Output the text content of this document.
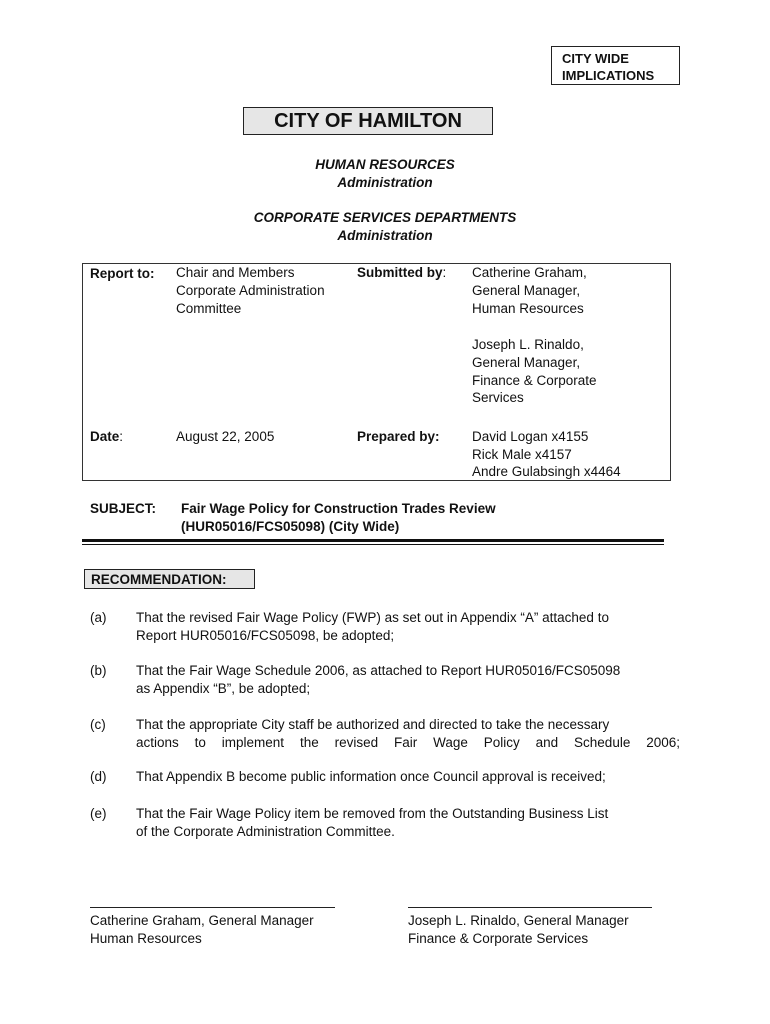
CITY WIDE
IMPLICATIONS
CITY OF HAMILTON
HUMAN RESOURCES
Administration
CORPORATE SERVICES DEPARTMENTS
Administration
Report to: Chair and Members
Corporate Administration
Committee
Submitted by: Catherine Graham,
General Manager,
Human Resources
Joseph L. Rinaldo,
General Manager,
Finance & Corporate
Services
Date:	August 22, 2005	Prepared by: David Logan x4155
Rick Male x4157
Andre Gulabsingh x4464
SUBJECT: Fair Wage Policy for Construction Trades Review
(HUR05016/FCS05098) (City Wide)
RECOMMENDATION:
(a) That the revised Fair Wage Policy (FWP) as set out in Appendix “A” attached to
Report HUR05016/FCS05098, be adopted;
(b) That the Fair Wage Schedule 2006, as attached to Report HUR05016/FCS05098
as Appendix “B”, be adopted;
(c) That the appropriate City staff be authorized and directed to take the necessary
actions to implement the revised Fair Wage Policy and Schedule 2006;
(d) That Appendix B become public information once Council approval is received;
(e) That the Fair Wage Policy item be removed from the Outstanding Business List
of the Corporate Administration Committee.
Catherine Graham, General Manager
Human Resources
Joseph L. Rinaldo, General Manager
Finance & Corporate Services
